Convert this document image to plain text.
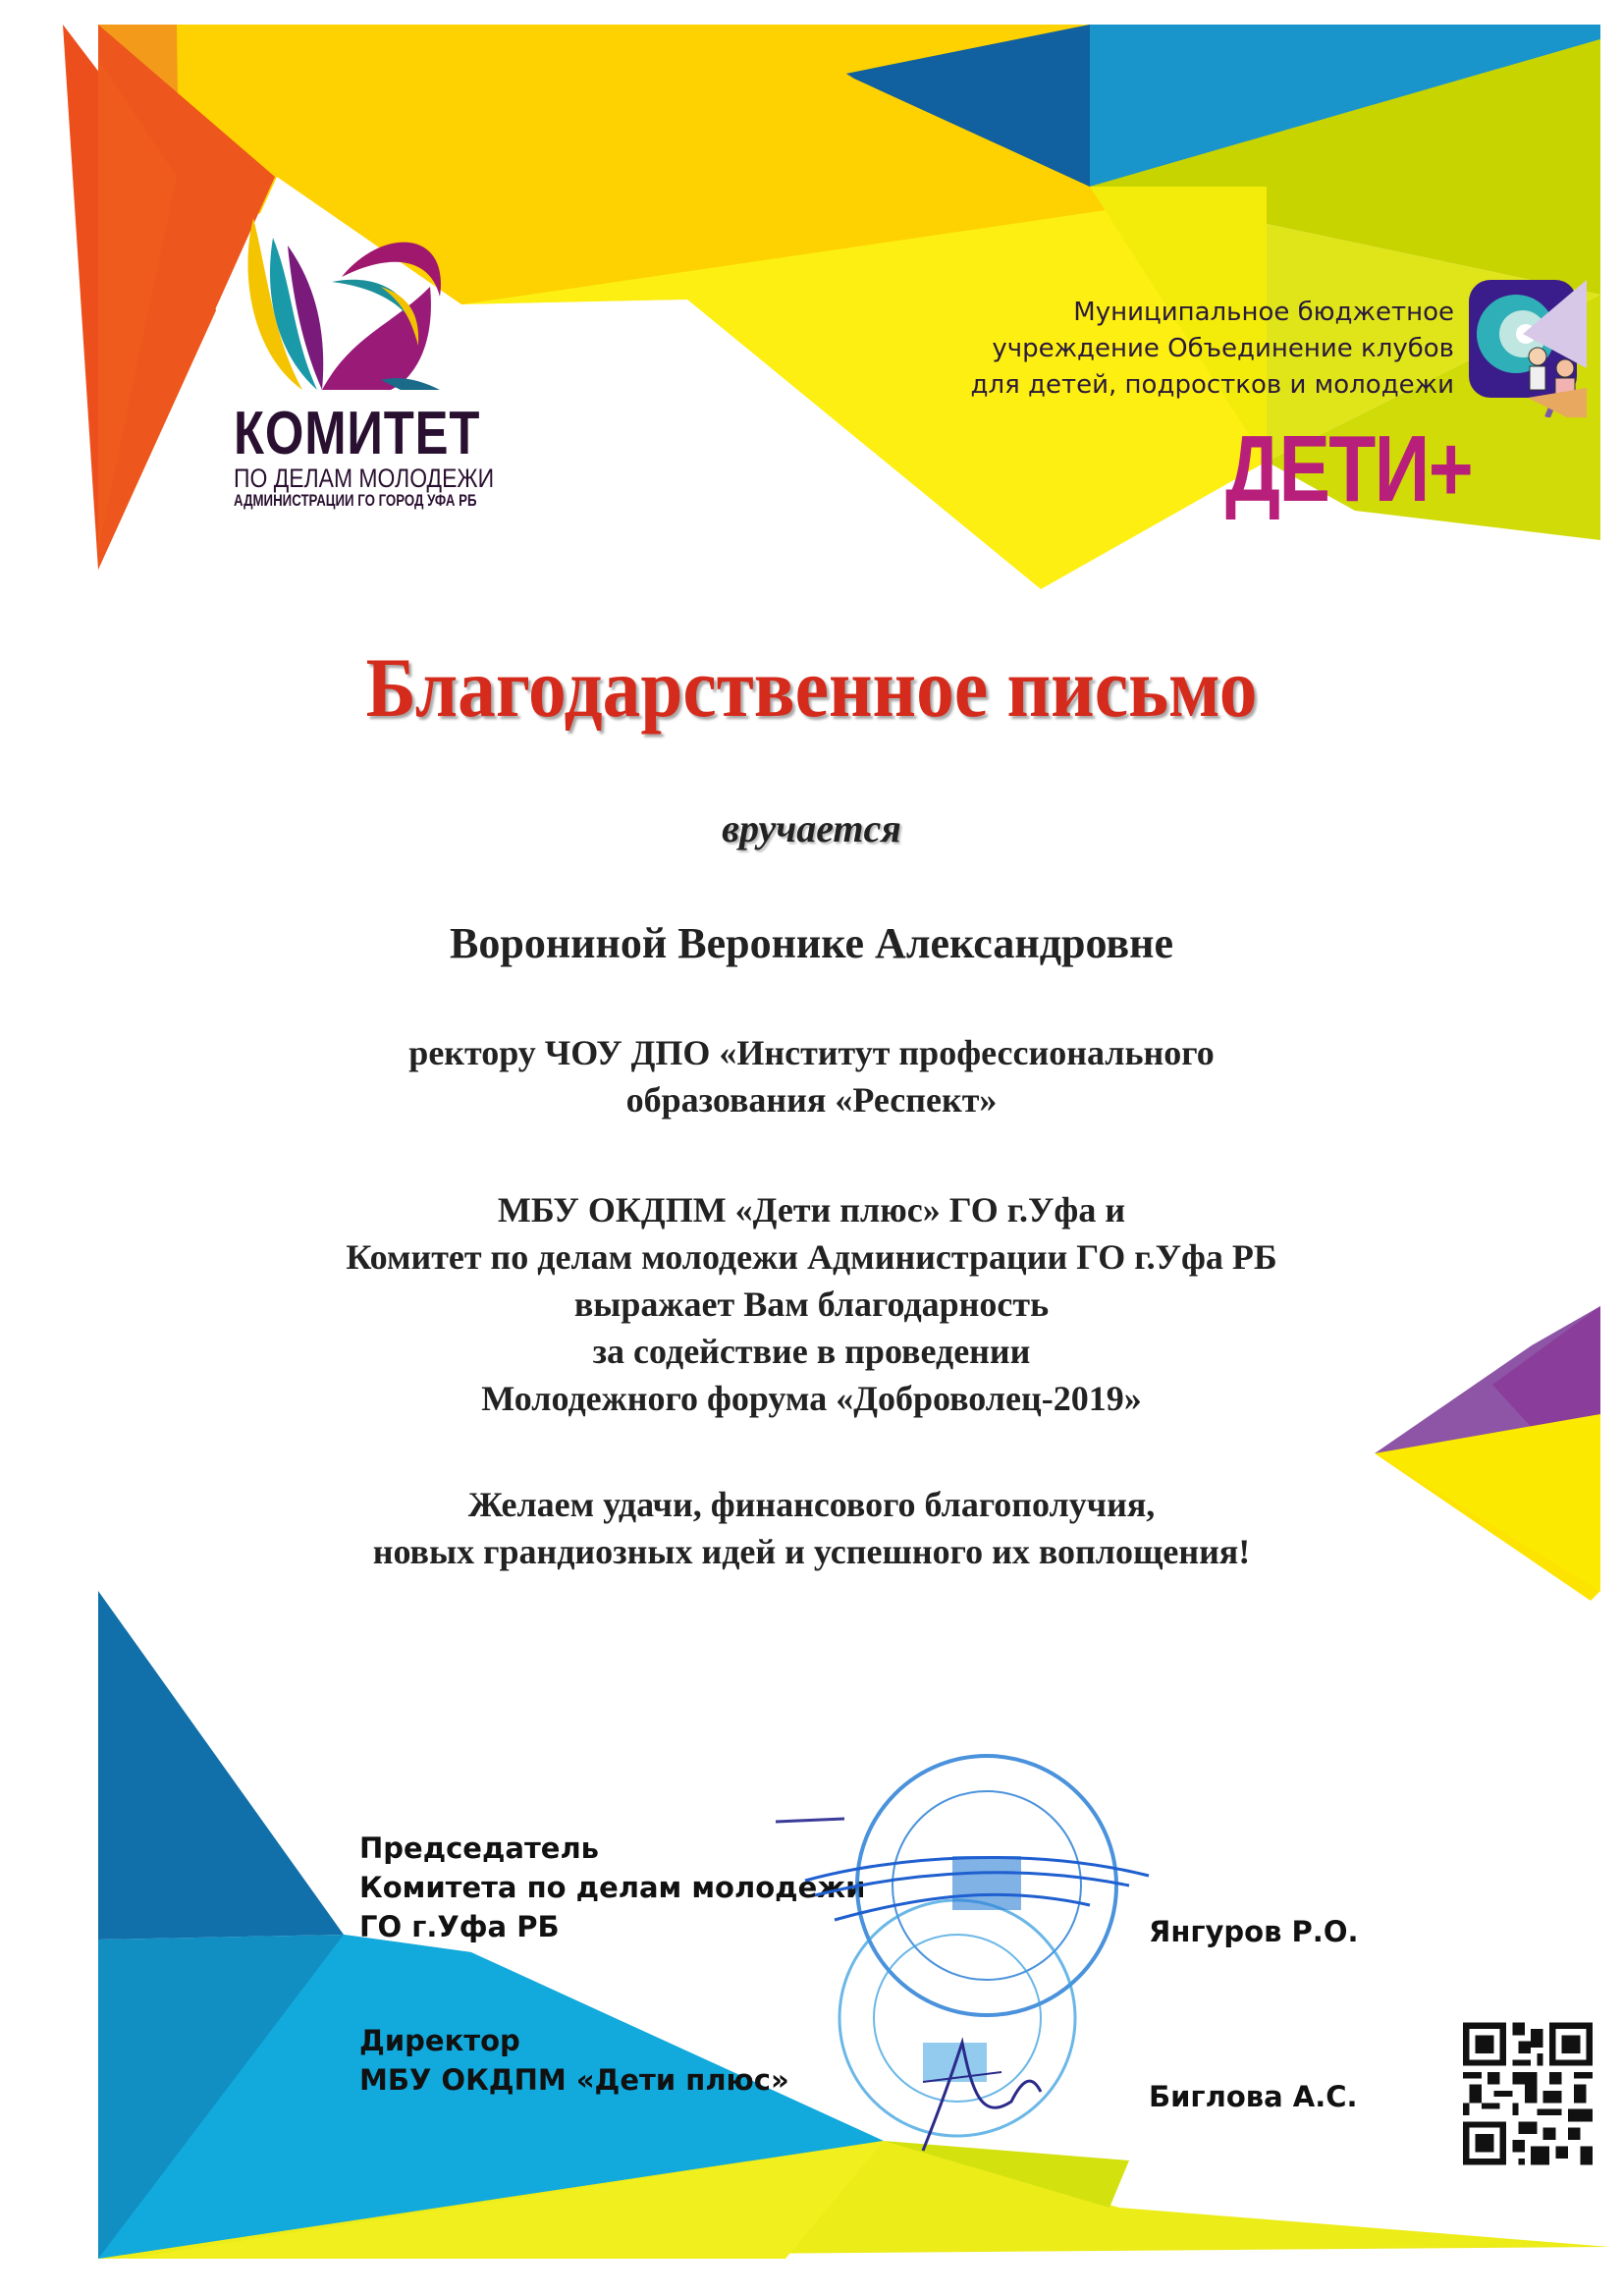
КОМИТЕТ
ПО ДЕЛАМ МОЛОДЕЖИ
АДМИНИСТРАЦИИ ГО ГОРОД УФА РБ
Муниципальное бюджетное
учреждение Объединение клубов
для детей, подростков и молодежи
ДЕТИ+
Благодарственное письмо
вручается
Ворониной Веронике Александровне
ректору ЧОУ ДПО «Институт профессионального
образования «Респект»
МБУ ОКДПМ «Дети плюс» ГО г.Уфа и
Комитет по делам молодежи Администрации ГО г.Уфа РБ
выражает Вам благодарность
за содействие в проведении
Молодежного форума «Доброволец-2019»
Желаем удачи, финансового благополучия,
новых грандиозных идей и успешного их воплощения!
Председатель
Комитета по делам молодежи
ГО г.Уфа РБ	Янгуров Р.О.
Директор
МБУ ОКДПМ «Дети плюс»	Биглова А.С.
